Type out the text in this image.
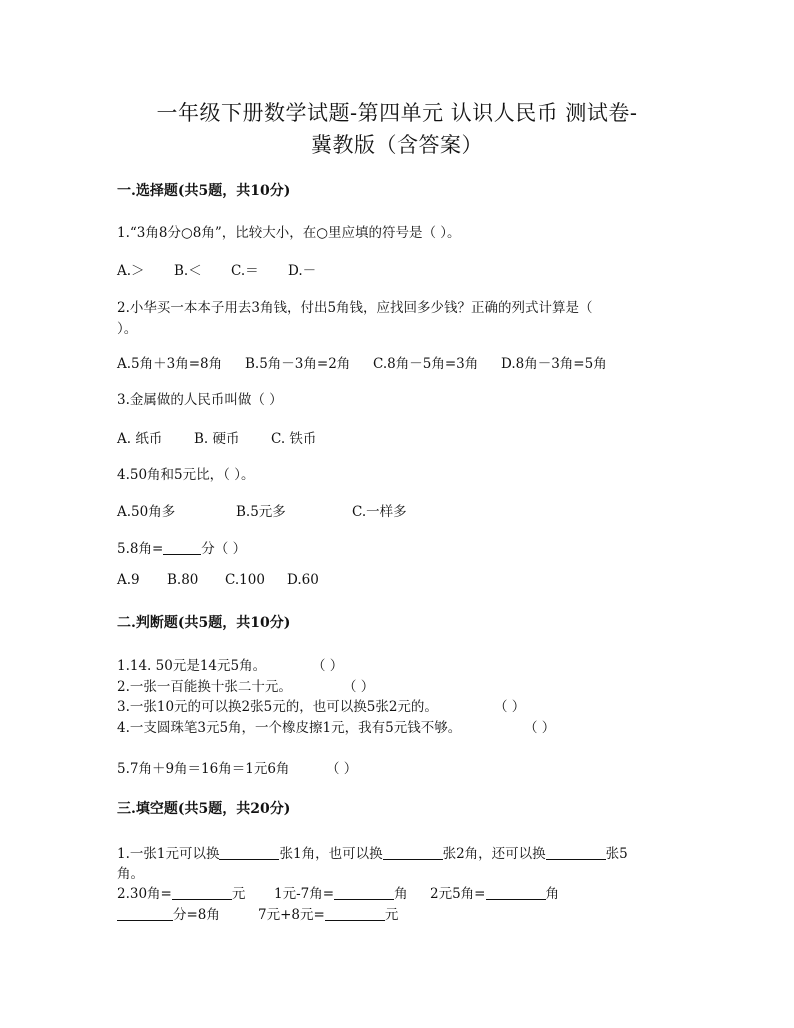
一年级下册数学试题-第四单元 认识人民币 测试卷-
冀教版（含答案）
一.选择题(共5题，共10分)
1.“3角8分○8角”，比较大小，在○里应填的符号是（ ）。
A.＞ B.＜ C.＝ D.－
2.小华买一本本子用去3角钱，付出5角钱，应找回多少钱？正确的列式计算是（
）。
A.5角＋3角=8角 B.5角－3角=2角 C.8角－5角=3角 D.8角－3角=5角
3.金属做的人民币叫做（ ）
A. 纸币 B. 硬币 C. 铁币
4.50角和5元比，（ ）。
A.50角多	B.5元多	C.一样多
5.8角=	分（ ）
A.9 B.80 C.100 D.60
二.判断题(共5题，共10分)
1.14. 50元是14元5角。	（ ）
2.一张一百能换十张二十元。	（ ）
3.一张10元的可以换2张5元的，也可以换5张2元的。	（ ）
4.一支圆珠笔3元5角，一个橡皮擦1元，我有5元钱不够。	（ ）
5.7角＋9角＝16角＝1元6角	（ ）
三.填空题(共5题，共20分)
1.一张1元可以换	张1角，也可以换	张2角，还可以换	张5
角。
2.30角=	元 1元-7角=	角 2元5角=	角
分=8角	7元+8元=	元
